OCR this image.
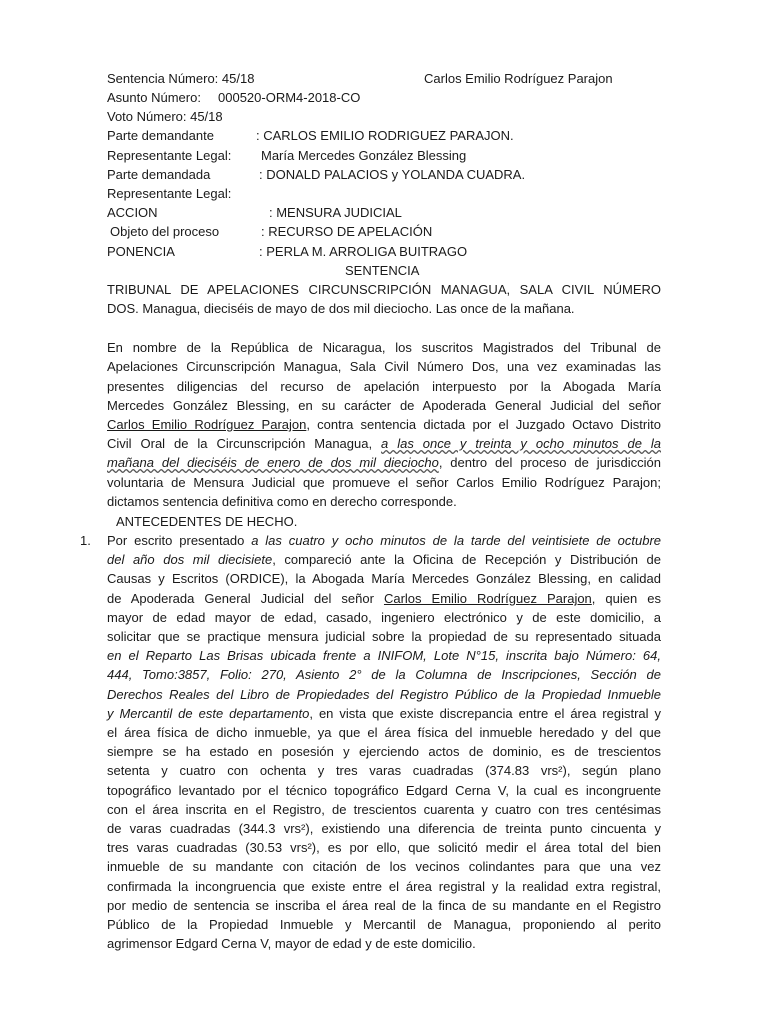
Sentencia Número: 45/18	Carlos Emilio Rodríguez Parajon
Asunto Número: 000520-ORM4-2018-CO
Voto Número: 45/18
Parte demandante	: CARLOS EMILIO RODRIGUEZ PARAJON.
Representante Legal: María Mercedes González Blessing
Parte demandada	: DONALD PALACIOS y YOLANDA CUADRA.
Representante Legal:
ACCION	: MENSURA JUDICIAL
Objeto del proceso	: RECURSO DE APELACIÓN
PONENCIA	: PERLA M. ARROLIGA BUITRAGO
SENTENCIA
TRIBUNAL DE APELACIONES CIRCUNSCRIPCIÓN MANAGUA, SALA CIVIL NÚMERO
DOS. Managua, dieciséis de mayo de dos mil dieciocho. Las once de la mañana.
En nombre de la República de Nicaragua, los suscritos Magistrados del Tribunal de
Apelaciones Circunscripción Managua, Sala Civil Número Dos, una vez examinadas las
presentes diligencias del recurso de apelación interpuesto por la Abogada María
Mercedes González Blessing, en su carácter de Apoderada General Judicial del señor
Carlos Emilio Rodríguez Parajon, contra sentencia dictada por el Juzgado Octavo Distrito
Civil Oral de la Circunscripción Managua, a las once y treinta y ocho minutos de la
mañana del dieciséis de enero de dos mil dieciocho, dentro del proceso de jurisdicción
voluntaria de Mensura Judicial que promueve el señor Carlos Emilio Rodríguez Parajon;
dictamos sentencia definitiva como en derecho corresponde.
ANTECEDENTES DE HECHO.
1. Por escrito presentado a las cuatro y ocho minutos de la tarde del veintisiete de octubre
del año dos mil diecisiete, compareció ante la Oficina de Recepción y Distribución de
Causas y Escritos (ORDICE), la Abogada María Mercedes González Blessing, en calidad
de Apoderada General Judicial del señor Carlos Emilio Rodríguez Parajon, quien es
mayor de edad mayor de edad, casado, ingeniero electrónico y de este domicilio, a
solicitar que se practique mensura judicial sobre la propiedad de su representado situada
en el Reparto Las Brisas ubicada frente a INIFOM, Lote N°15, inscrita bajo Número: 64,
444, Tomo:3857, Folio: 270, Asiento 2° de la Columna de Inscripciones, Sección de
Derechos Reales del Libro de Propiedades del Registro Público de la Propiedad Inmueble
y Mercantil de este departamento, en vista que existe discrepancia entre el área registral y
el área física de dicho inmueble, ya que el área física del inmueble heredado y del que
siempre se ha estado en posesión y ejerciendo actos de dominio, es de trescientos
setenta y cuatro con ochenta y tres varas cuadradas (374.83 vrs²), según plano
topográfico levantado por el técnico topográfico Edgard Cerna V, la cual es incongruente
con el área inscrita en el Registro, de trescientos cuarenta y cuatro con tres centésimas
de varas cuadradas (344.3 vrs²), existiendo una diferencia de treinta punto cincuenta y
tres varas cuadradas (30.53 vrs²), es por ello, que solicitó medir el área total del bien
inmueble de su mandante con citación de los vecinos colindantes para que una vez
confirmada la incongruencia que existe entre el área registral y la realidad extra registral,
por medio de sentencia se inscriba el área real de la finca de su mandante en el Registro
Público de la Propiedad Inmueble y Mercantil de Managua, proponiendo al perito
agrimensor Edgard Cerna V, mayor de edad y de este domicilio.
